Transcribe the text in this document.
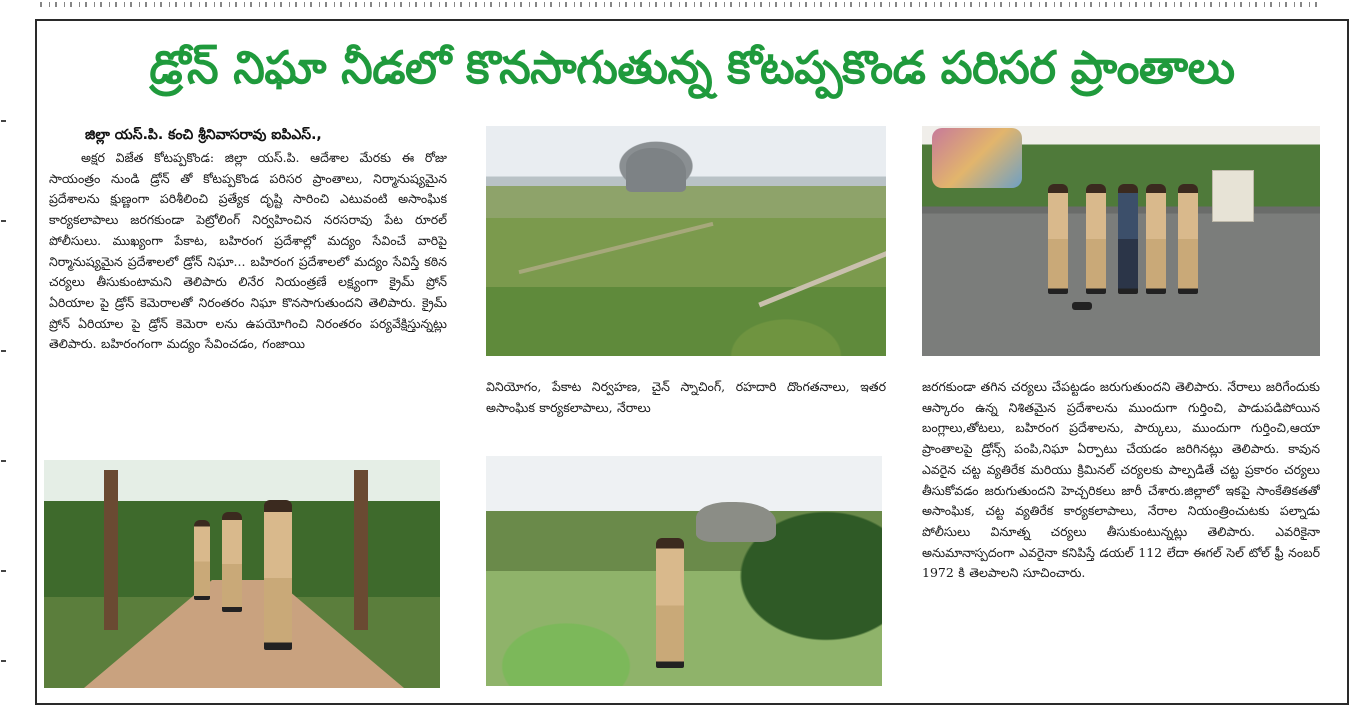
డ్రోన్ నిఘా నీడలో కొనసాగుతున్న కోటప్పకొండ పరిసర ప్రాంతాలు
జిల్లా యస్.పి. కంచి శ్రీనివాసరావు ఐపిఎస్.,
అక్షర విజేత కోటప్పకొండ: జిల్లా యస్.పి. ఆదేశాల మేరకు ఈ రోజు సాయంత్రం నుండి డ్రోన్ తో కోటప్పకొండ పరిసర ప్రాంతాలు, నిర్మానుష్యమైన ప్రదేశాలను క్షుణ్ణంగా పరిశీలించి ప్రత్యేక దృష్టి సారించి ఎటువంటి అసాంఘిక కార్యకలాపాలు జరగకుండా పెట్రోలింగ్ నిర్వహించిన నరసరావు పేట రూరల్ పోలీసులు. ముఖ్యంగా పేకాట, బహిరంగ ప్రదేశాల్లో మద్యం సేవించే వారిపై నిర్మానుష్యమైన ప్రదేశాలలో డ్రోన్ నిఘా... బహిరంగ ప్రదేశాలలో మద్యం సేవిస్తే కఠిన చర్యలు తీసుకుంటామని తెలిపారు లినేర నియంత్రణే లక్ష్యంగా క్రైమ్ ప్రోన్ ఏరియాల పై డ్రోన్ కెమెరాలతో నిరంతరం నిఘా కొనసాగుతుందని తెలిపారు. క్రైమ్ ప్రోన్ ఏరియాల పై డ్రోన్ కెమెరా లను ఉపయోగించి నిరంతరం పర్యవేక్షిస్తున్నట్లు తెలిపారు. బహిరంగంగా మద్యం సేవించడం, గంజాయి
వినియోగం, పేకాట నిర్వహణ, చైన్ స్నాచింగ్, రహదారి దొంగతనాలు, ఇతర అసాంఘిక కార్యకలాపాలు, నేరాలు
జరగకుండా తగిన చర్యలు చేపట్టడం జరుగుతుందని తెలిపారు. నేరాలు జరిగేందుకు ఆస్కారం ఉన్న నిశితమైన ప్రదేశాలను ముందుగా గుర్తించి, పాడుపడిపోయిన బంగ్లాలు,తోటలు, బహిరంగ ప్రదేశాలను, పార్కులు, ముందుగా గుర్తించి,ఆయా ప్రాంతాలపై డ్రోన్స్ పంపి,నిఘా ఏర్పాటు చేయడం జరిగినట్లు తెలిపారు. కావున ఎవరైన చట్ట వ్యతిరేక మరియు క్రిమినల్ చర్యలకు పాల్పడితే చట్ట ప్రకారం చర్యలు తీసుకోవడం జరుగుతుందని హెచ్చరికలు జారీ చేశారు.జిల్లాలో ఇకపై సాంకేతికతతో అసాంఘిక, చట్ట వ్యతిరేక కార్యకలాపాలు, నేరాల నియంత్రించుటకు పల్నాడు పోలీసులు వినూత్న చర్యలు తీసుకుంటున్నట్లు తెలిపారు. ఎవరికైనా అనుమానాస్పదంగా ఎవరైనా కనిపిస్తే డయల్ 112 లేదా ఈగల్ సెల్ టోల్ ఫ్రీ నంబర్ 1972 కి తెలపాలని సూచించారు.
